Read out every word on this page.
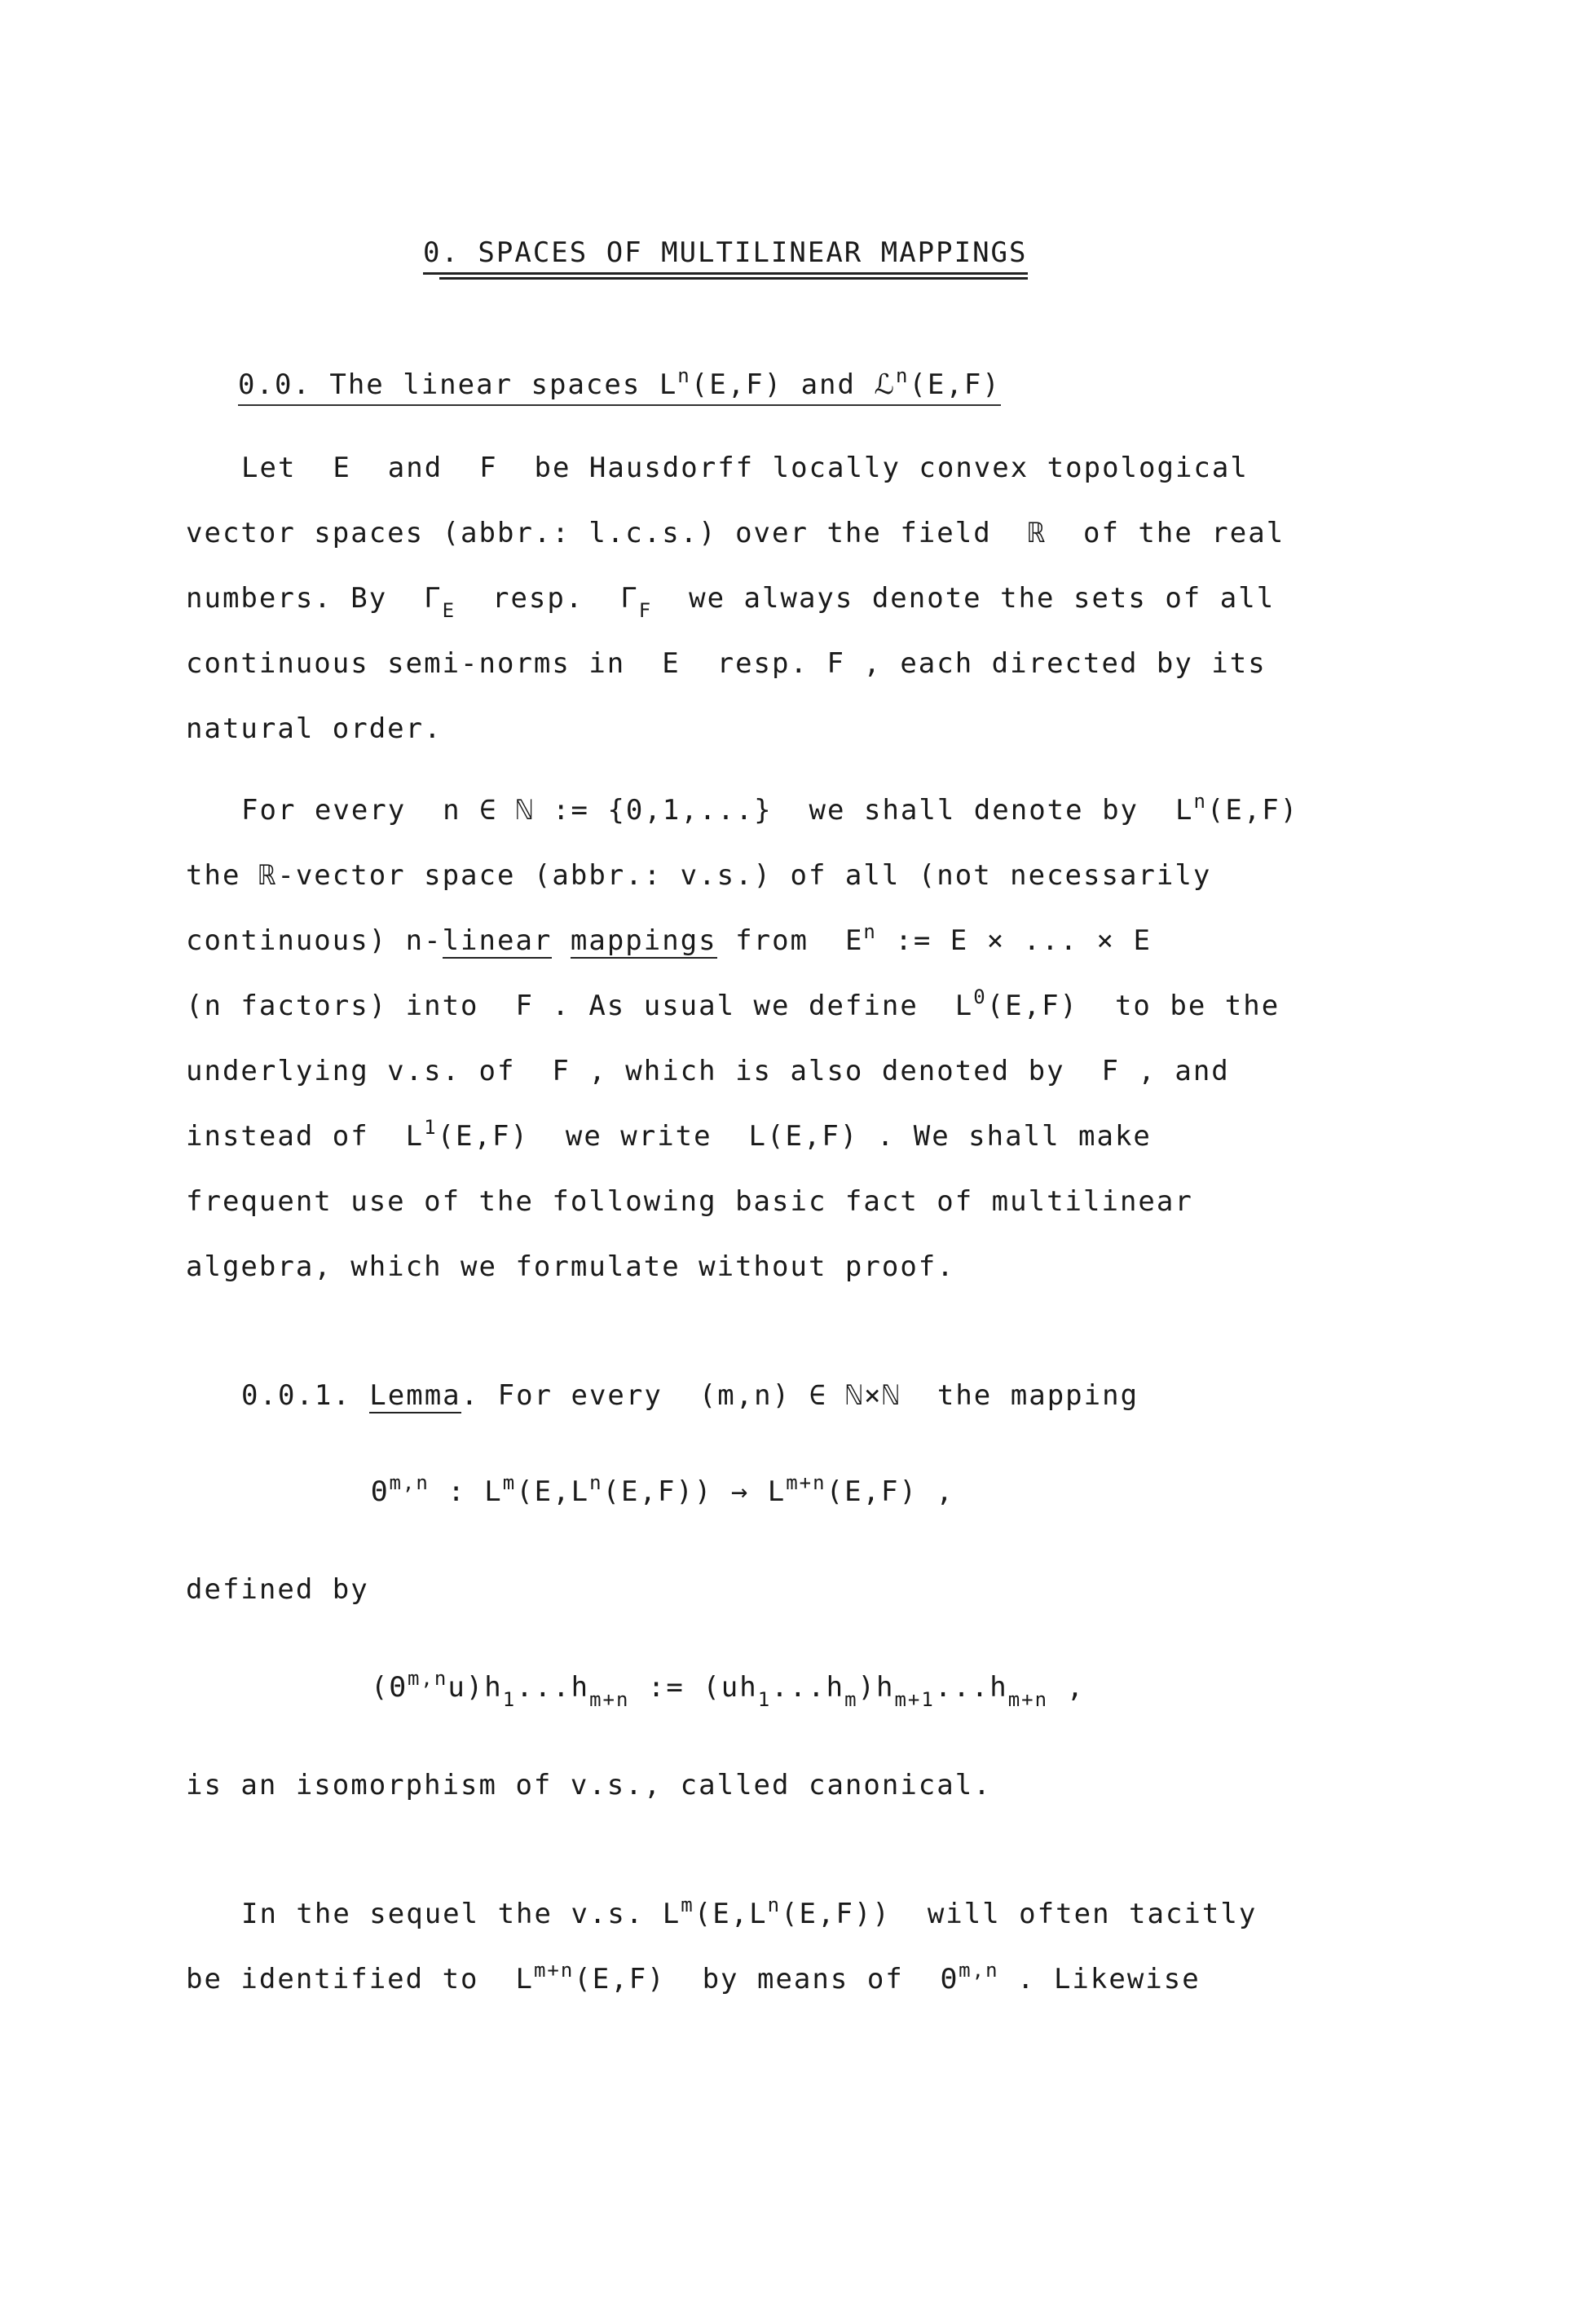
0. SPACES OF MULTILINEAR MAPPINGS
0.0. The linear spaces $L^n(E,F)$ and ℒ$^n$(E,F)
Let  E  and  F  be Hausdorff locally convex topological
vector spaces (abbr.: l.c.s.) over the field  ℝ  of the real
numbers. By  $\Gamma_E$  resp.  $\Gamma_F$  we always denote the sets of all
continuous semi-norms in  E  resp. F , each directed by its
natural order.
For every  n ∈ ℕ := {0,1,...}  we shall denote by  $L^n(E,F)$
the ℝ-vector space (abbr.: v.s.) of all (not necessarily
continuous) n-linear mappings from  $E^n$ := E × ... × E
(n factors) into  F . As usual we define  $L^0(E,F)$  to be the
underlying v.s. of  F , which is also denoted by  F , and
instead of  $L^1(E,F)$  we write  L(E,F) . We shall make
frequent use of the following basic fact of multilinear
algebra, which we formulate without proof.
0.0.1. Lemma. For every  (m,n) ∈ ℕ×ℕ  the mapping
Θ$^{m,n}$ : $L^m(E,L^n(E,F)) \to L^{m+n}(E,F)$ ,
defined by
$(\Theta^{m,n}u)h_1...h_{m+n}$ := $(uh_1...h_m)h_{m+1}...h_{m+n}$ ,
is an isomorphism of v.s., called canonical.
In the sequel the v.s. $L^m(E,L^n(E,F))$  will often tacitly
be identified to  $L^{m+n}(E,F)$  by means of  Θ$^{m,n}$ . Likewise
